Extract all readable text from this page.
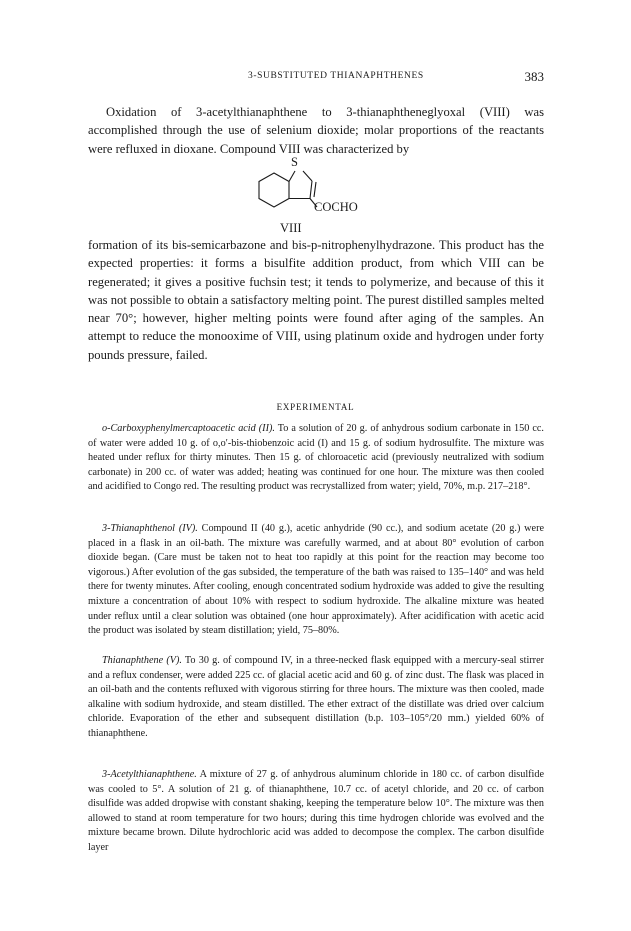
3-SUBSTITUTED THIANAPHTHENES	383

Oxidation of 3-acetylthianaphthene to 3-thianaphtheneglyoxal (VIII) was accomplished through the use of selenium dioxide; molar proportions of the reactants were refluxed in dioxane. Compound VIII was characterized by

S
COCHO
VIII

formation of its bis-semicarbazone and bis-p-nitrophenylhydrazone. This product has the expected properties: it forms a bisulfite addition product, from which VIII can be regenerated; it gives a positive fuchsin test; it tends to polymerize, and because of this it was not possible to obtain a satisfactory melting point. The purest distilled samples melted near 70°; however, higher melting points were found after aging of the samples. An attempt to reduce the monooxime of VIII, using platinum oxide and hydrogen under forty pounds pressure, failed.

EXPERIMENTAL

o-Carboxyphenylmercaptoacetic acid (II). To a solution of 20 g. of anhydrous sodium carbonate in 150 cc. of water were added 10 g. of o,o′-bis-thiobenzoic acid (I) and 15 g. of sodium hydrosulfite. The mixture was heated under reflux for thirty minutes. Then 15 g. of chloroacetic acid (previously neutralized with sodium carbonate) in 200 cc. of water was added; heating was continued for one hour. The mixture was then cooled and acidified to Congo red. The resulting product was recrystallized from water; yield, 70%, m.p. 217–218°.

3-Thianaphthenol (IV). Compound II (40 g.), acetic anhydride (90 cc.), and sodium acetate (20 g.) were placed in a flask in an oil-bath. The mixture was carefully warmed, and at about 80° evolution of carbon dioxide began. (Care must be taken not to heat too rapidly at this point for the reaction may become too vigorous.) After evolution of the gas subsided, the temperature of the bath was raised to 135–140° and was held there for twenty minutes. After cooling, enough concentrated sodium hydroxide was added to give the resulting mixture a concentration of about 10% with respect to sodium hydroxide. The alkaline mixture was heated under reflux until a clear solution was obtained (one hour approximately). After acidification with acetic acid the product was isolated by steam distillation; yield, 75–80%.

Thianaphthene (V). To 30 g. of compound IV, in a three-necked flask equipped with a mercury-seal stirrer and a reflux condenser, were added 225 cc. of glacial acetic acid and 60 g. of zinc dust. The flask was placed in an oil-bath and the contents refluxed with vigorous stirring for three hours. The mixture was then cooled, made alkaline with sodium hydroxide, and steam distilled. The ether extract of the distillate was dried over calcium chloride. Evaporation of the ether and subsequent distillation (b.p. 103–105°/20 mm.) yielded 60% of thianaphthene.

3-Acetylthianaphthene. A mixture of 27 g. of anhydrous aluminum chloride in 180 cc. of carbon disulfide was cooled to 5°. A solution of 21 g. of thianaphthene, 10.7 cc. of acetyl chloride, and 20 cc. of carbon disulfide was added dropwise with constant shaking, keeping the temperature below 10°. The mixture was then allowed to stand at room temperature for two hours; during this time hydrogen chloride was evolved and the mixture became brown. Dilute hydrochloric acid was added to decompose the complex. The carbon disulfide layer
